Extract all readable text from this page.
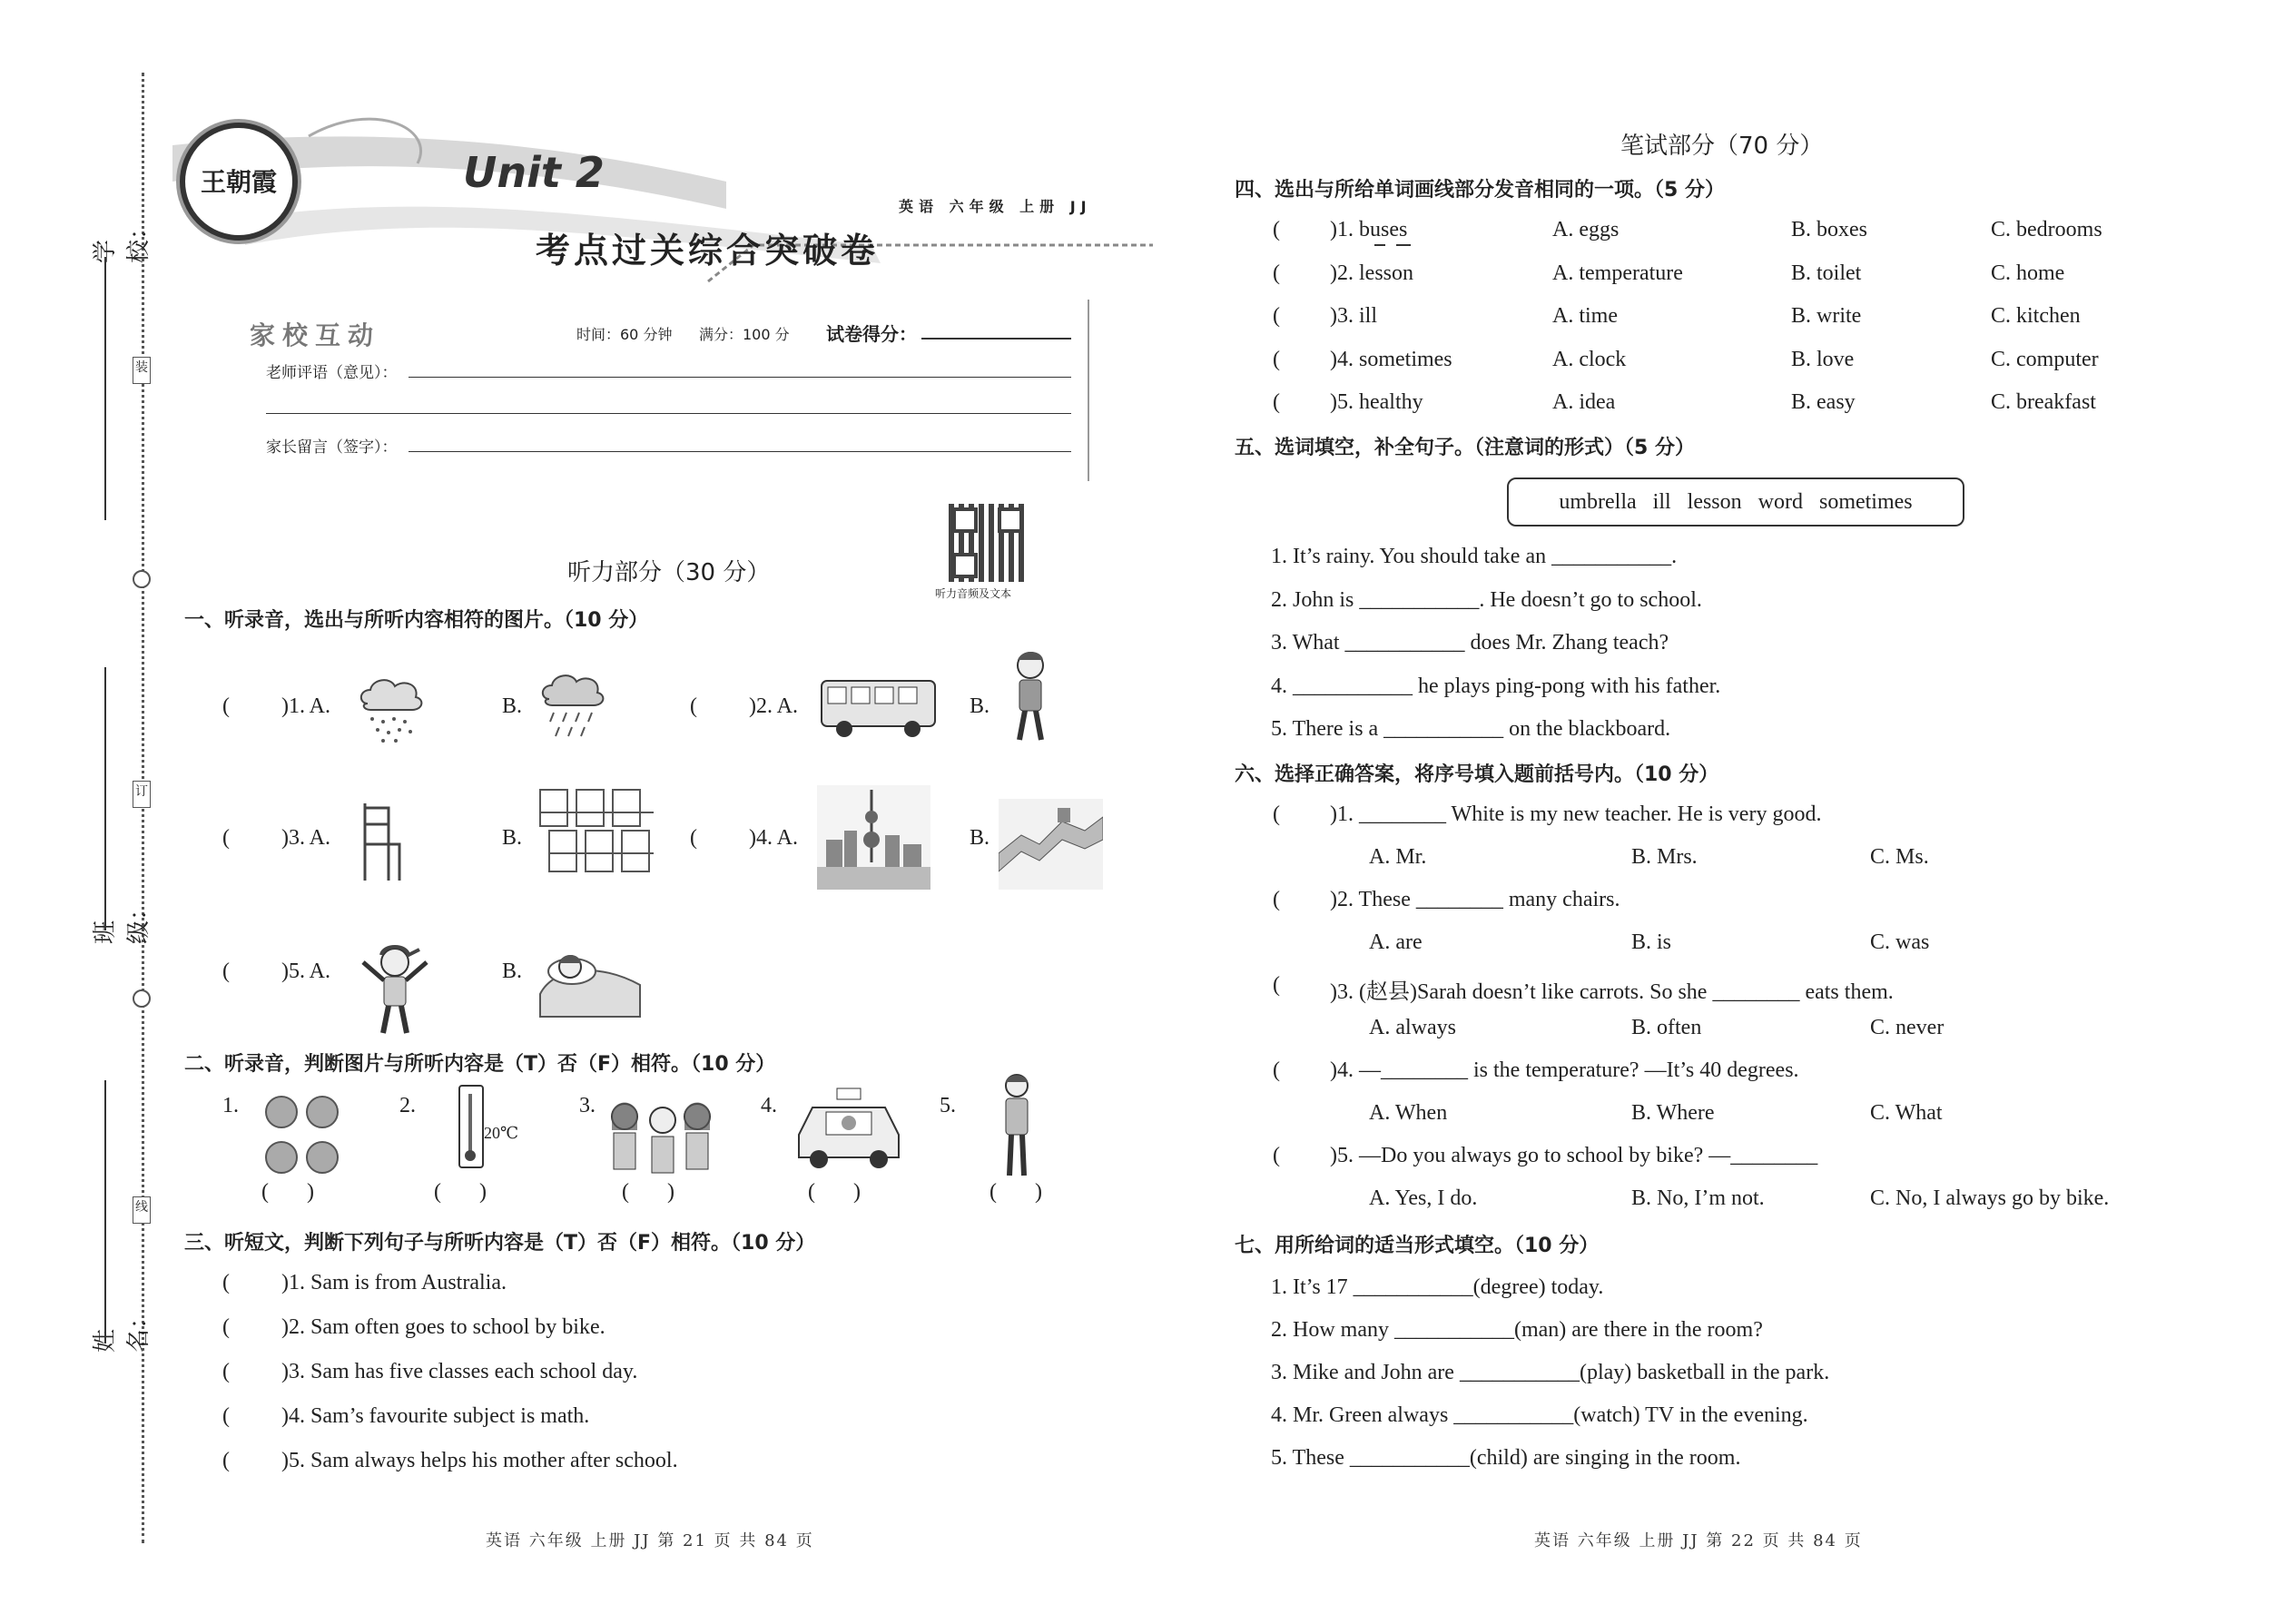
装
订
线
学校：
班级：
姓名：
王朝霞	Unit 2
英语 六年级 上册 JJ
考点过关综合突破卷
家校互动	时间：60 分钟 满分：100 分 试卷得分：
老师评语（意见）：
家长留言（签字）：
听力音频及文本
听力部分（30 分）
一、听录音，选出与所听内容相符的图片。（10 分）
( )1. A.	B.	( )2. A.	B.
( )3. A.	B.	( )4. A.	B.
( )5. A.	B.
二、听录音，判断图片与所听内容是（T）否（F）相符。（10 分）
1.
(       )
2.
20℃
(       )
3.
(       )
4.
(       )
5.
(       )
三、听短文，判断下列句子与所听内容是（T）否（F）相符。（10 分）
( )1. Sam is from Australia.
( )2. Sam often goes to school by bike.
( )3. Sam has five classes each school day.
( )4. Sam’s favourite subject is math.
( )5. Sam always helps his mother after school.
英语 六年级 上册 JJ 第 21 页 共 84 页
笔试部分（70 分）
四、选出与所给单词画线部分发音相同的一项。（5 分）
( )1. buses	A. eggs	B. boxes	C. bedrooms
( )2. lesson	A. temperature	B. toilet	C. home
( )3. ill	A. time	B. write	C. kitchen
( )4. sometimes	A. clock	B. love	C. computer
( )5. healthy	A. idea	B. easy	C. breakfast
五、选词填空，补全句子。（注意词的形式）（5 分）
umbrella   ill   lesson   word   sometimes
1. It’s rainy. You should take an ___________.
2. John is ___________. He doesn’t go to school.
3. What ___________ does Mr. Zhang teach?
4. ___________ he plays ping-pong with his father.
5. There is a ___________ on the blackboard.
六、选择正确答案，将序号填入题前括号内。（10 分）
( )1. ________ White is my new teacher. He is very good.
A. Mr.	B. Mrs.	C. Ms.
( )2. These ________ many chairs.
A. are	B. is	C. was
( )3. (赵县)Sarah doesn’t like carrots. So she ________ eats them.
A. always	B. often	C. never
( )4. —________ is the temperature? —It’s 40 degrees.
A. When	B. Where	C. What
( )5. —Do you always go to school by bike? —________
A. Yes, I do.	B. No, I’m not.	C. No, I always go by bike.
七、用所给词的适当形式填空。（10 分）
1. It’s 17 ___________(degree) today.
2. How many ___________(man) are there in the room?
3. Mike and John are ___________(play) basketball in the park.
4. Mr. Green always ___________(watch) TV in the evening.
5. These ___________(child) are singing in the room.
英语 六年级 上册 JJ 第 22 页 共 84 页
